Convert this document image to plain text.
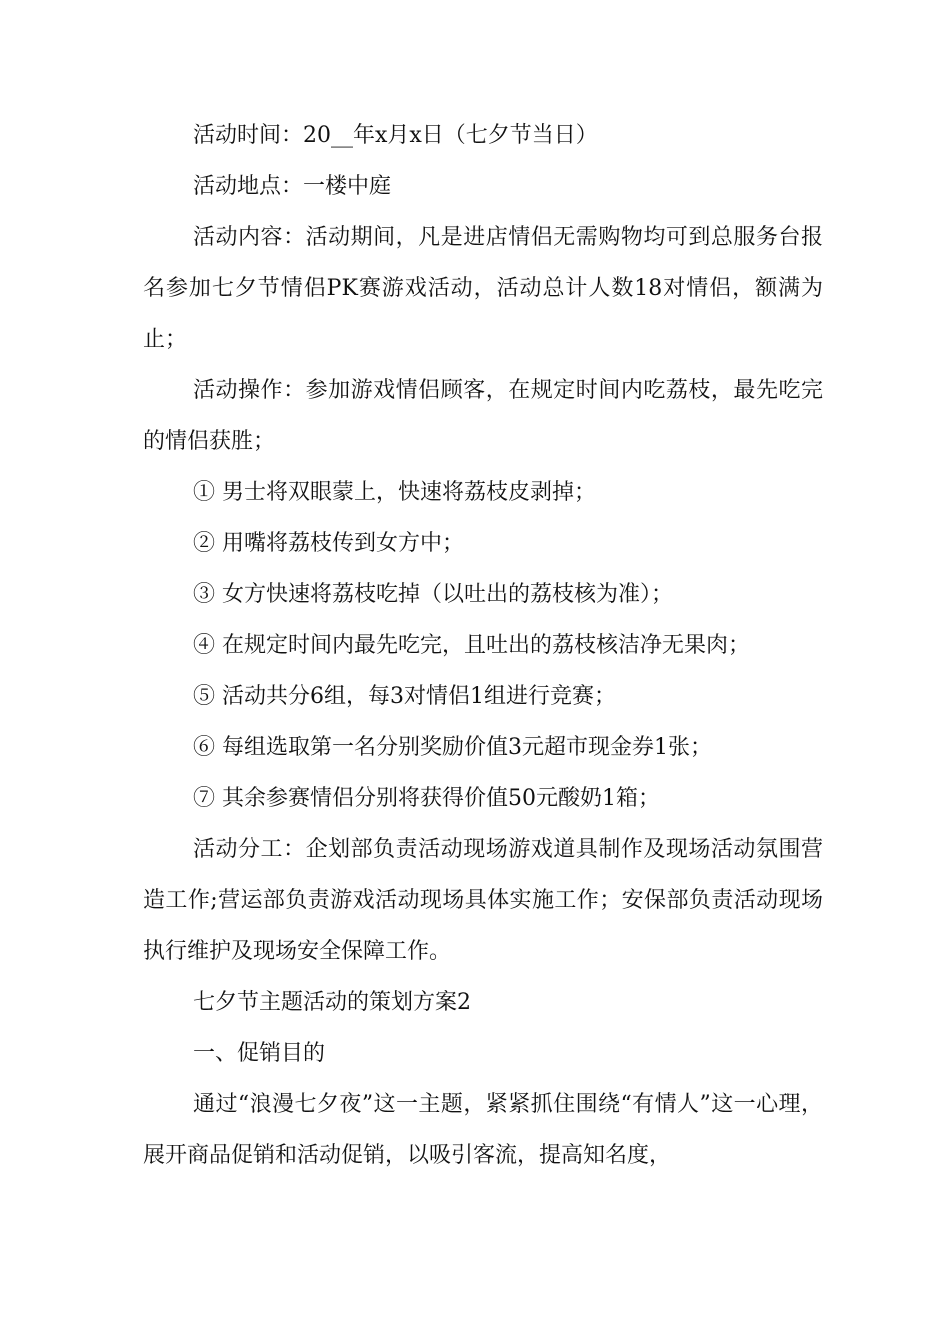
活动时间：20__年x月x日（七夕节当日）

活动地点：一楼中庭

活动内容：活动期间，凡是进店情侣无需购物均可到总服务台报名参加七夕节情侣PK赛游戏活动，活动总计人数18对情侣，额满为止；

活动操作：参加游戏情侣顾客，在规定时间内吃荔枝，最先吃完的情侣获胜；

① 男士将双眼蒙上，快速将荔枝皮剥掉；

② 用嘴将荔枝传到女方中；

③ 女方快速将荔枝吃掉（以吐出的荔枝核为准）；

④ 在规定时间内最先吃完，且吐出的荔枝核洁净无果肉；

⑤ 活动共分6组，每3对情侣1组进行竞赛；

⑥ 每组选取第一名分别奖励价值3元超市现金券1张；

⑦ 其余参赛情侣分别将获得价值50元酸奶1箱；

活动分工：企划部负责活动现场游戏道具制作及现场活动氛围营造工作;营运部负责游戏活动现场具体实施工作；安保部负责活动现场执行维护及现场安全保障工作。

七夕节主题活动的策划方案2

一、促销目的

通过“浪漫七夕夜”这一主题，紧紧抓住围绕“有情人”这一心理，展开商品促销和活动促销，以吸引客流，提高知名度，
